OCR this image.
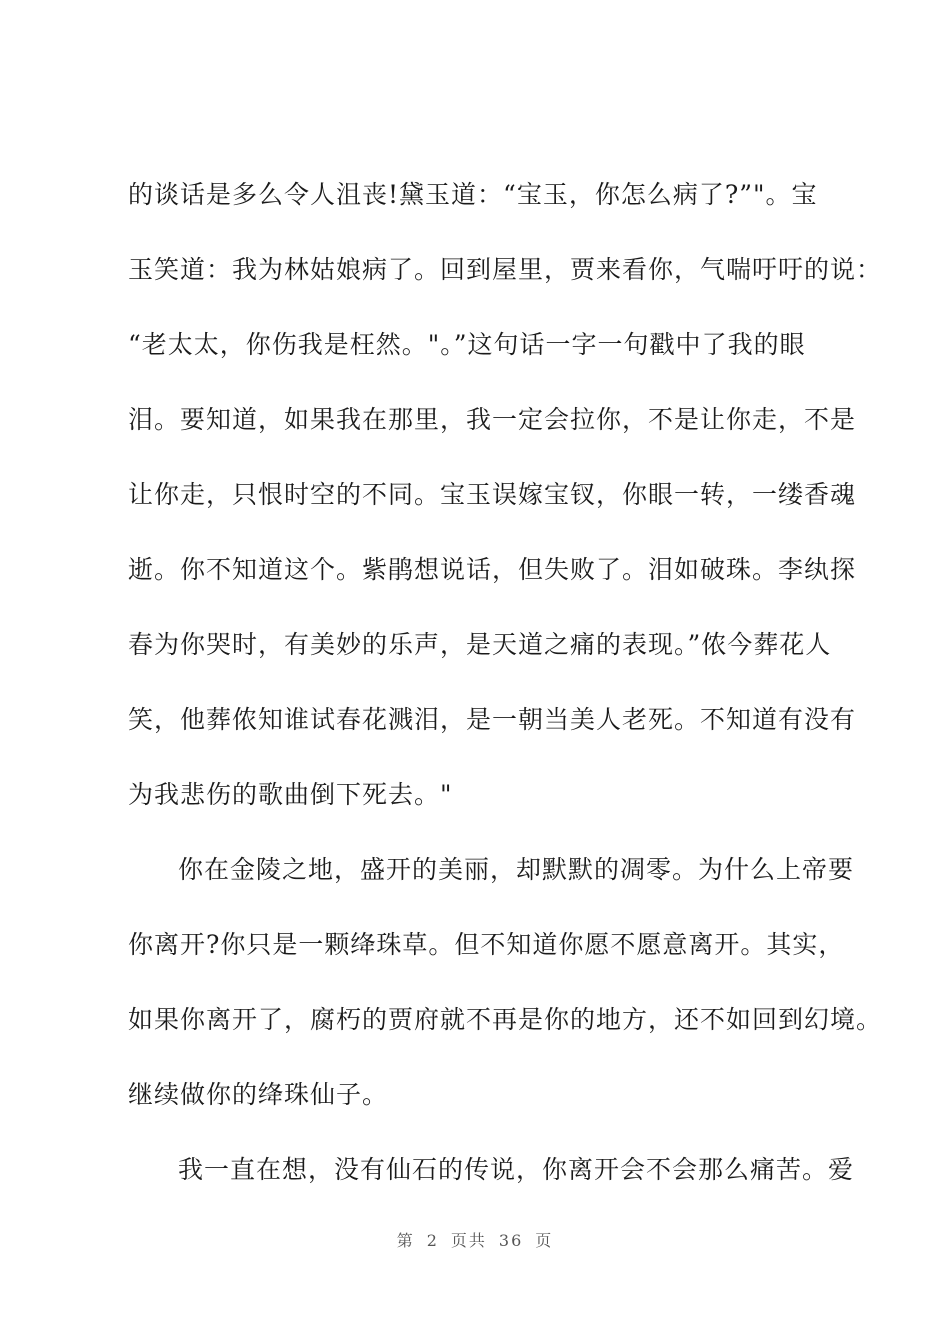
的谈话是多么令人沮丧!黛玉道：“宝玉，你怎么病了?”"。宝
玉笑道：我为林姑娘病了。回到屋里，贾来看你，气喘吁吁的说：
“老太太，你伤我是枉然。"。”这句话一字一句戳中了我的眼
泪。要知道，如果我在那里，我一定会拉你，不是让你走，不是
让你走，只恨时空的不同。宝玉误嫁宝钗，你眼一转，一缕香魂
逝。你不知道这个。紫鹃想说话，但失败了。泪如破珠。李纨探
春为你哭时，有美妙的乐声，是天道之痛的表现。”侬今葬花人
笑，他葬侬知谁试春花溅泪，是一朝当美人老死。不知道有没有
为我悲伤的歌曲倒下死去。"
你在金陵之地，盛开的美丽，却默默的凋零。为什么上帝要
你离开?你只是一颗绛珠草。但不知道你愿不愿意离开。其实，
如果你离开了，腐朽的贾府就不再是你的地方，还不如回到幻境。
继续做你的绛珠仙子。
我一直在想，没有仙石的传说，你离开会不会那么痛苦。爱
第 2 页共 36 页
